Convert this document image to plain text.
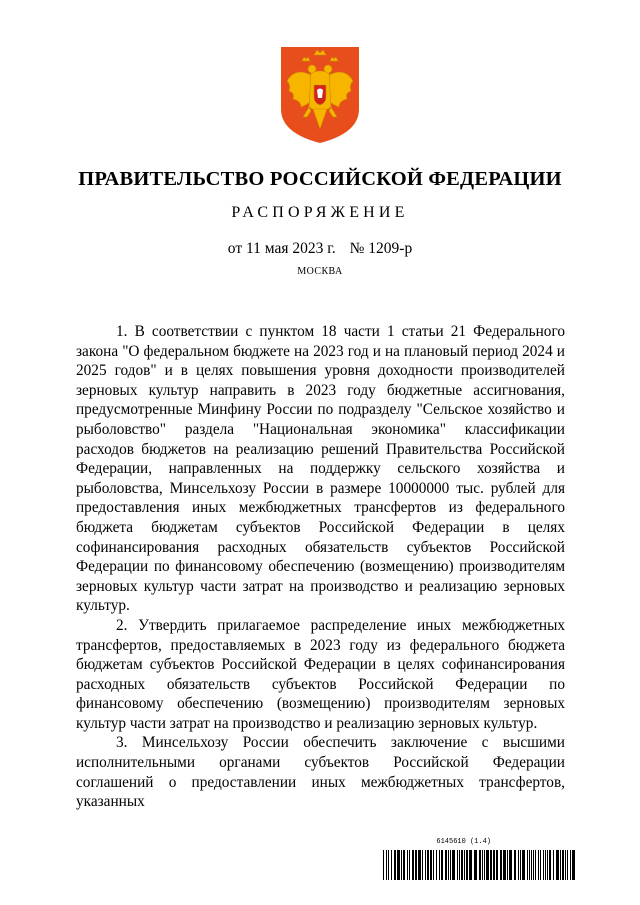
ПРАВИТЕЛЬСТВО РОССИЙСКОЙ ФЕДЕРАЦИИ
РАСПОРЯЖЕНИЕ
от 11 мая 2023 г. № 1209-р
МОСКВА

1. В соответствии с пунктом 18 части 1 статьи 21 Федерального закона "О федеральном бюджете на 2023 год и на плановый период 2024 и 2025 годов" и в целях повышения уровня доходности производителей зерновых культур направить в 2023 году бюджетные ассигнования, предусмотренные Минфину России по подразделу "Сельское хозяйство и рыболовство" раздела "Национальная экономика" классификации расходов бюджетов на реализацию решений Правительства Российской Федерации, направленных на поддержку сельского хозяйства и рыболовства, Минсельхозу России в размере 10000000 тыс. рублей для предоставления иных межбюджетных трансфертов из федерального бюджета бюджетам субъектов Российской Федерации в целях софинансирования расходных обязательств субъектов Российской Федерации по финансовому обеспечению (возмещению) производителям зерновых культур части затрат на производство и реализацию зерновых культур.

2. Утвердить прилагаемое распределение иных межбюджетных трансфертов, предоставляемых в 2023 году из федерального бюджета бюджетам субъектов Российской Федерации в целях софинансирования расходных обязательств субъектов Российской Федерации по финансовому обеспечению (возмещению) производителям зерновых культур части затрат на производство и реализацию зерновых культур.

3. Минсельхозу России обеспечить заключение с высшими исполнительными органами субъектов Российской Федерации соглашений о предоставлении иных межбюджетных трансфертов, указанных

6145610 (1.4)
